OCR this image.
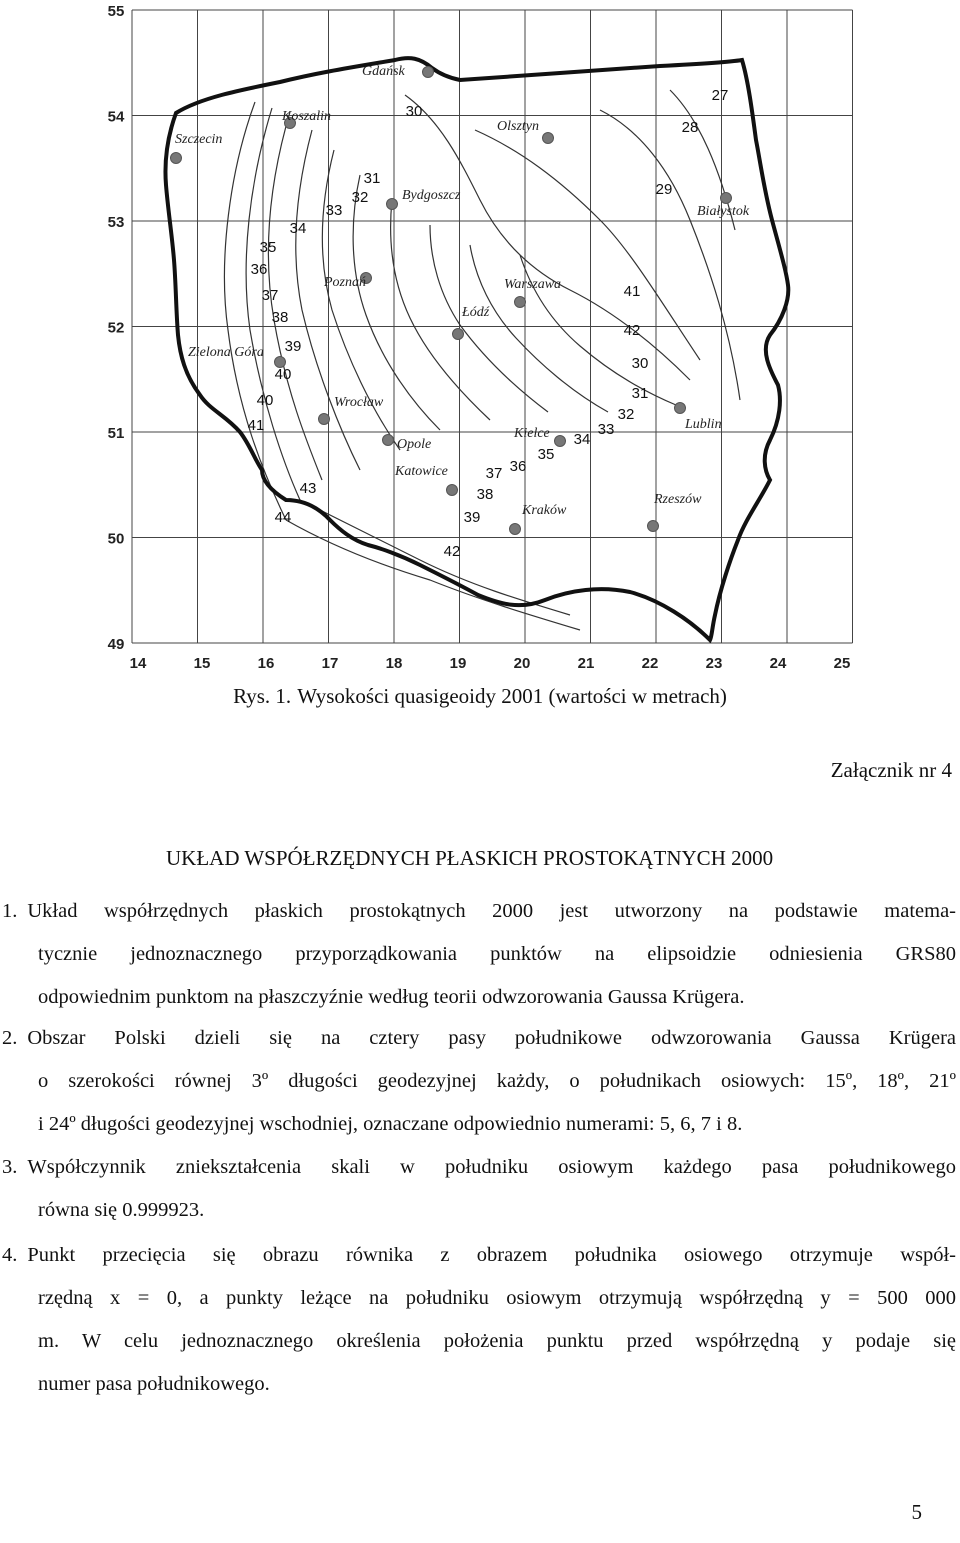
55
54
53
52
51
50
49
14	15	16	17	18	19	20	21	22	23	24	25
Gdańsk
Koszalin
Szczecin
Olsztyn
Bydgoszcz
Białystok
Poznań	Warszawa
Łódź
Zielona Góra
Wrocław
Opole
Katowice
Kielce
Lublin
Rzeszów
Kraków
30
27
28
31
32
33
34
29
35
36
37
38
39
40
41
42
30
31
32
33
34
35
36
37
38
39
40
41
42
43
44
Rys. 1. Wysokości quasigeoidy 2001 (wartości w metrach)
Załącznik nr 4
UKŁAD WSPÓŁRZĘDNYCH PŁASKICH PROSTOKĄTNYCH 2000
1. Układ współrzędnych płaskich prostokątnych 2000 jest utworzony na podstawie matema-
tycznie jednoznacznego przyporządkowania punktów na elipsoidzie odniesienia GRS80
odpowiednim punktom na płaszczyźnie według teorii odwzorowania Gaussa Krügera.
2. Obszar Polski dzieli się na cztery pasy południkowe odwzorowania Gaussa Krügera
o szerokości równej 3º długości geodezyjnej każdy, o południkach osiowych: 15º, 18º, 21º
i 24º długości geodezyjnej wschodniej, oznaczane odpowiednio numerami: 5, 6, 7 i 8.
3. Współczynnik zniekształcenia skali w południku osiowym każdego pasa południkowego
równa się 0.999923.
4. Punkt przecięcia się obrazu równika z obrazem południka osiowego otrzymuje współ-
rzędną x = 0, a punkty leżące na południku osiowym otrzymują współrzędną y = 500 000
m. W celu jednoznacznego określenia położenia punktu przed współrzędną y podaje się
numer pasa południkowego.
5
